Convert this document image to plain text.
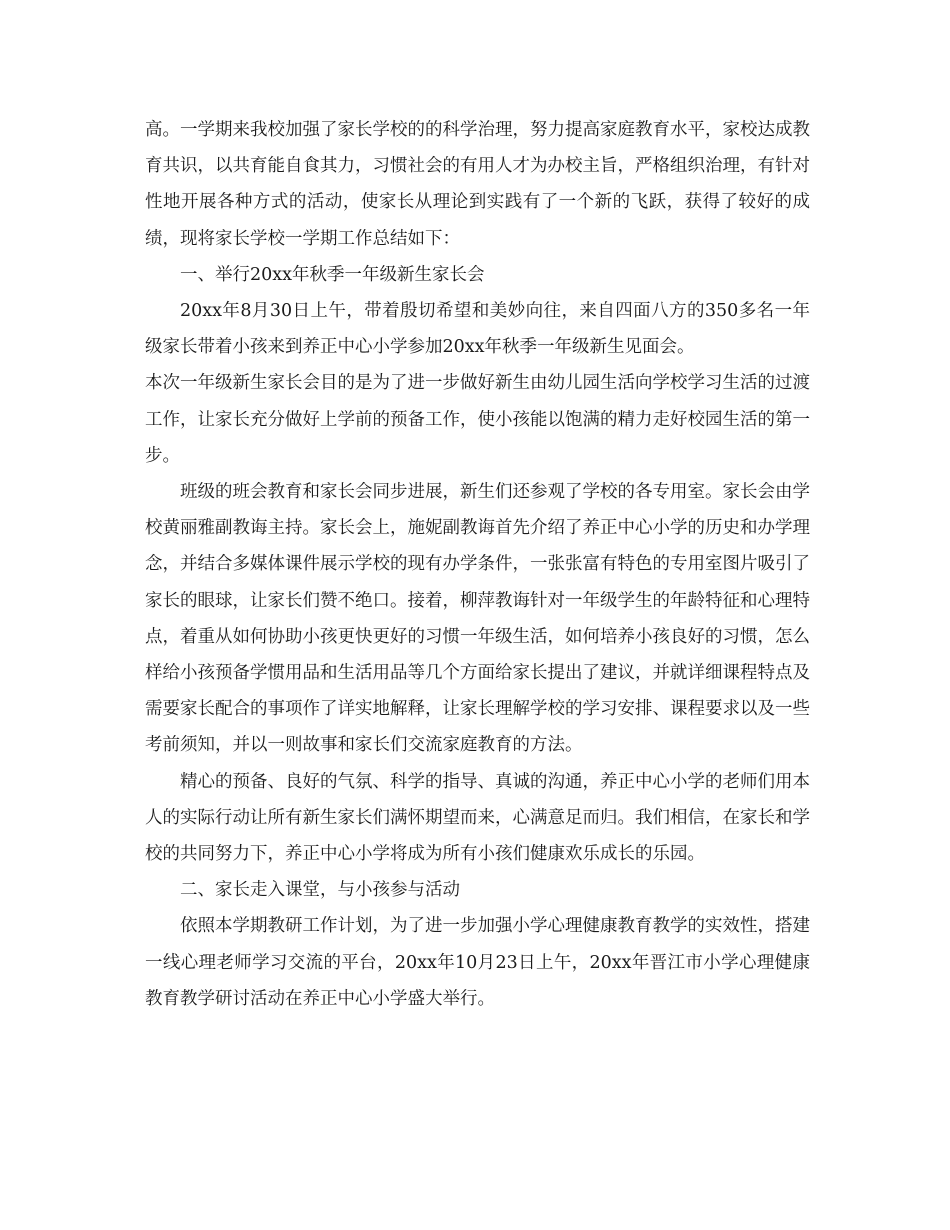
高。一学期来我校加强了家长学校的的科学治理，努力提高家庭教育水平，家校达成教育共识，以共育能自食其力，习惯社会的有用人才为办校主旨，严格组织治理，有针对性地开展各种方式的活动，使家长从理论到实践有了一个新的飞跃，获得了较好的成绩，现将家长学校一学期工作总结如下：

一、举行20xx年秋季一年级新生家长会

20xx年8月30日上午，带着殷切希望和美妙向往，来自四面八方的350多名一年级家长带着小孩来到养正中心小学参加20xx年秋季一年级新生见面会。

本次一年级新生家长会目的是为了进一步做好新生由幼儿园生活向学校学习生活的过渡工作，让家长充分做好上学前的预备工作，使小孩能以饱满的精力走好校园生活的第一步。

班级的班会教育和家长会同步进展，新生们还参观了学校的各专用室。家长会由学校黄丽雅副教诲主持。家长会上，施妮副教诲首先介绍了养正中心小学的历史和办学理念，并结合多媒体课件展示学校的现有办学条件，一张张富有特色的专用室图片吸引了家长的眼球，让家长们赞不绝口。接着，柳萍教诲针对一年级学生的年龄特征和心理特点，着重从如何协助小孩更快更好的习惯一年级生活，如何培养小孩良好的习惯，怎么样给小孩预备学惯用品和生活用品等几个方面给家长提出了建议，并就详细课程特点及需要家长配合的事项作了详实地解释，让家长理解学校的学习安排、课程要求以及一些考前须知，并以一则故事和家长们交流家庭教育的方法。

精心的预备、良好的气氛、科学的指导、真诚的沟通，养正中心小学的老师们用本人的实际行动让所有新生家长们满怀期望而来，心满意足而归。我们相信，在家长和学校的共同努力下，养正中心小学将成为所有小孩们健康欢乐成长的乐园。

二、家长走入课堂，与小孩参与活动

依照本学期教研工作计划，为了进一步加强小学心理健康教育教学的实效性，搭建一线心理老师学习交流的平台，20xx年10月23日上午，20xx年晋江市小学心理健康教育教学研讨活动在养正中心小学盛大举行。
